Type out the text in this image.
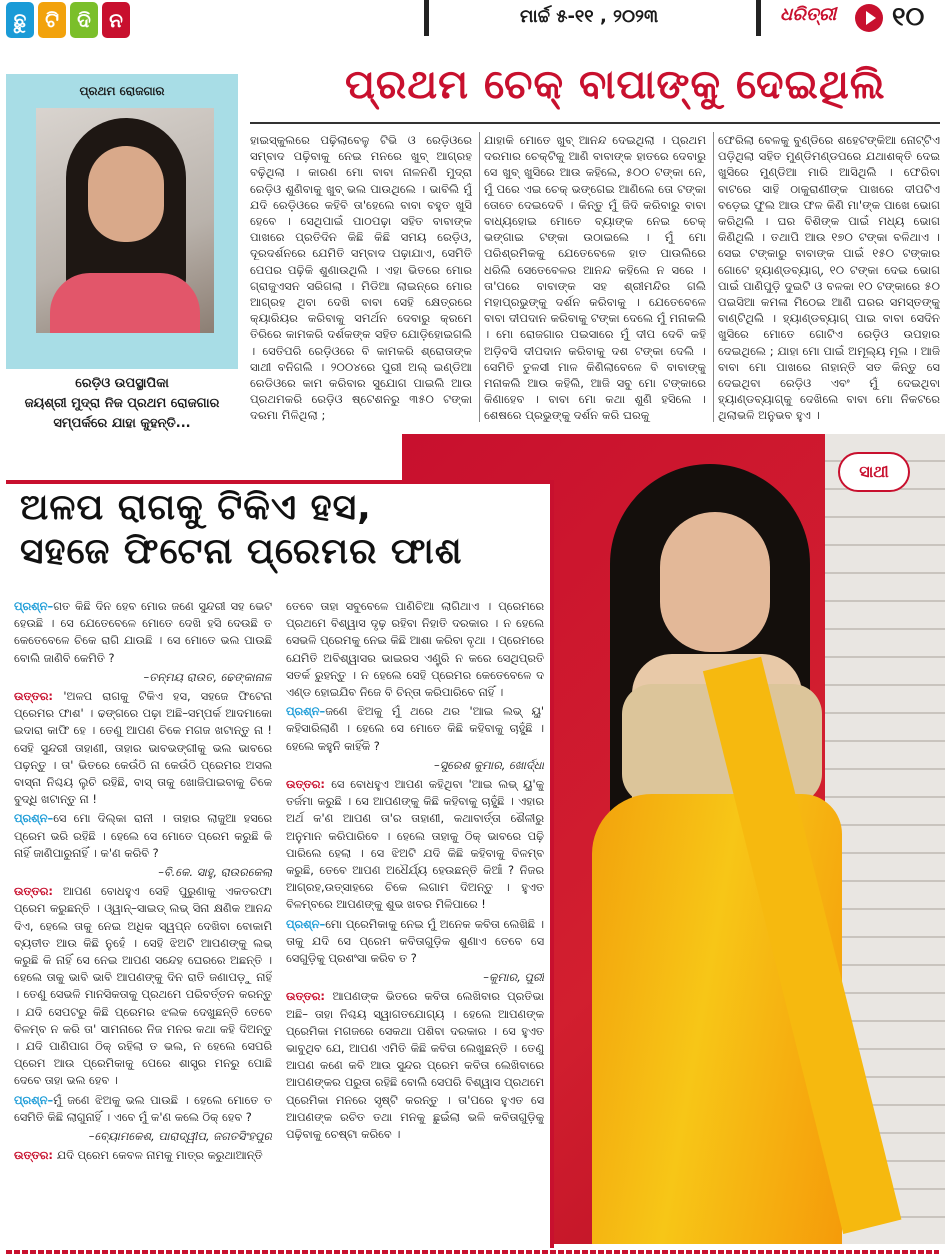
ଛୁ ଟି ଦି ନ	ମାର୍ଚ୍ଚ ୫-୧୧ , ୨୦୨୩	ଧରିତ୍ରୀ ୧୦
ପ୍ରଥମ ରୋଜଗାର
ରେଡ଼ିଓ ଉପସ୍ଥାପିକା
ଜୟଶ୍ରୀ ମୁଦ୍ରା ନିଜ ପ୍ରଥମ ରୋଜଗାର
ସମ୍ପର୍କରେ ଯାହା କୁହନ୍ତି...
ପ୍ରଥମ ଚେକ୍ ବାପାଙ୍କୁ ଦେଇଥିଲି
ହାଇସ୍କୁଲରେ ପଢ଼ିଲାବେଳୁ ଟିଭି ଓ ରେଡ଼ିଓରେ ସମ୍ବାଦ ପଢ଼ିବାକୁ ନେଇ ମନରେ ଖୁବ୍ ଆଗ୍ରହ ବଢ଼ିଥିଲା । କାରଣ ମୋ ବାବା ନାଳନଣି ମୁଦ୍ରା ରେଡ଼ିଓ ଶୁଣିବାକୁ ଖୁବ୍ ଭଲ ପାଉଥିଲେ । ଭାବିଲି ମୁଁ ଯଦି ରେଡ଼ିଓରେ କହିବି ତା'ହେଲେ ବାବା ବହୁତ ଖୁସି ହେବେ । ସେଥିପାଇଁ ପାଠପଢ଼ା ସହିତ ବାବାଙ୍କ ପାଖରେ ପ୍ରତିଦିନ କିଛି କିଛି ସମୟ ରେଡ଼ିଓ, ଦୂରଦର୍ଶନରେ ଯେମିତି ସମ୍ବାଦ ପଢ଼ାଯାଏ, ସେମିତି ପେପର ପଢ଼ିକି ଶୁଣାଉଥିଲି । ଏହା ଭିତରେ ମୋର ଗ୍ରାଜୁଏସନ ସରିଗଲା । ମିଡିଆ ଲାଇନ୍‌ରେ ମୋର ଆଗ୍ରହ ଥିବା ଦେଖି ବାବା ସେହି କ୍ଷେତ୍ରରେ କ୍ୟାରିୟର କରିବାକୁ ସମର୍ଥନ ଦେବାରୁ କ୍ରମେ ତିରିରେ କାମକରି ଦର୍ଶକଙ୍କ ସହିତ ଯୋଡ଼ିହୋଇଗଲି । ସେତିପରି ରେଡ଼ିଓରେ ବି କାମକରି ଶ୍ରୋତାଙ୍କ ସାଥୀ ବନିଗଲି । ୨୦୦୪ରେ ପୁରୀ ଅଲ୍ ଇଣ୍ଡିଆ ରେଡିଓରେ କାମ କରିବାର ସୁଯୋଗ ପାଇଲି ଆଉ ପ୍ରଥମକରି ରେଡ଼ିଓ ଷ୍ଟେଶନରୁ ୩୫୦ ଟଙ୍କା ଦରମା ମିଳିଥିଲା ;
ଯାହାକି ମୋତେ ଖୁବ୍ ଆନନ୍ଦ ଦେଇଥିଲା । ପ୍ରଥମ ଦରମାର ଚେକ୍‌ଟିକୁ ଆଣି ବାବାଙ୍କ ହାତରେ ଦେବାରୁ ସେ ଖୁବ୍ ଖୁସିରେ ଆଉ କହିଲେ, ୫୦୦ ଟଙ୍କା ନେ, ମୁଁ ପରେ ଏଇ ଚେକ୍ ଭଙ୍ଗେଇ ଆଣିଲେ ତୋ ଟଙ୍କା ତୋତେ ଦେଇଦେବି । କିନ୍ତୁ ମୁଁ ଜିଦି କରିବାରୁ ବାବା ବାଧ୍ୟହୋଇ ମୋତେ ବ୍ୟାଙ୍କ ନେଇ ଚେକ୍ ଭଙ୍ଗାଇ ଟଙ୍କା ଉଠାଇଲେ । ମୁଁ ମୋ ପରିଶ୍ରମିକକୁ ଯେତେବେଳେ ହାତ ପାଉଲିରେ ଧରିଲି ସେତେବେଳର ଆନନ୍ଦ କହିଲେ ନ ସରେ । ତା'ପରେ ବାବାଙ୍କ ସହ ଶ୍ରୀମନ୍ଦିର ଗଲି ମହାପ୍ରଭୁଙ୍କୁ ଦର୍ଶନ କରିବାକୁ । ଯେତେବେଳେ ବାବା ଦୀପଦାନ କରିବାକୁ ଟଙ୍କା ଦେଲେ ମୁଁ ମନାକଲି । ମୋ ରୋଜଗାର ପଇସାରେ ମୁଁ ଦୀପ ଦେବି କହି ଅଡ଼ିବସି ଦୀପଦାନ କରିବାକୁ ଦଶ ଟଙ୍କା ଦେଲି । ସେମିତି ତୁଳସୀ ମାଳ କିଣିଲାବେଳେ ବି ବାବାଙ୍କୁ ମନାକଲି ଆଉ କହିଲି, ଆଜି ସବୁ ମୋ ଟଙ୍କାରେ କିଣାହେବ । ବାବା ମୋ କଥା ଶୁଣି ହସିଲେ । ଶେଷରେ ପ୍ରଭୁଙ୍କୁ ଦର୍ଶନ କରି ଘରକୁ
ଫେରିଲା ବେଳକୁ ବୁଣ୍ଡିରେ ଶହେଟଙ୍କିଆ ନୋଟ୍‌ଟିଏ ପଡ଼ିଥିଲା ସହିତ ମୁଣ୍ଡିମଣ୍ଡପରେ ଯଥାଶକ୍ତି ଦେଇ ଖୁସିରେ ମୁଣ୍ଡିଆ ମାରି ଆସିଥିଲି । ଫେରିବା ବାଟରେ ସାହି ଠାକୁରାଣୀଙ୍କ ପାଖରେ ଦୀପଟିଏ ବଡ଼େଇ ଫୁଲ ଆଉ ଫଳ କିଣି ମା'ଙ୍କ ପାଖେ ଭୋଗ କରିଥିଲି । ଘର ବିଶିଙ୍କ ପାଇଁ ମଧ୍ୟ ଭୋଗ କିଣିଥିଲି । ତଥାପି ଆଉ ୧୭୦ ଟଙ୍କା ବଳିଥାଏ । ସେଇ ଟଙ୍କାରୁ ବାବାଙ୍କ ପାଇଁ ୧୫୦ ଟଙ୍କାର ଗୋଟେ ହ୍ୟାଣ୍ଡବ୍ୟାଗ୍, ୧୦ ଟଙ୍କା ଦେଇ ଭୋଗ ପାଇଁ ପାଣିପୁଡ଼ି ଦୁଇଟି ଓ ବଳକା ୧୦ ଟଙ୍କାରେ ୫୦ ପଇସିଆ କମଳା ମିଠେଇ ଆଣି ଘରର ସମସ୍ତଙ୍କୁ ବାଣ୍ଟିଥିଲି । ହ୍ୟାଣ୍ଡବ୍ୟାଗ୍ ପାଇ ବାବା ସେଦିନ ଖୁସିରେ ମୋତେ ଗୋଟିଏ ରେଡ଼ିଓ ଉପହାର ଦେଇଥିଲେ ; ଯାହା ମୋ ପାଇଁ ଅମୂଲ୍ୟ ମୂଲ । ଆଜି ବାବା ମୋ ପାଖରେ ନାହାନ୍ତି ସତ କିନ୍ତୁ ସେ ଦେଇଥିବା ରେଡ଼ିଓ ଏବଂ ମୁଁ ଦେଇଥିବା ହ୍ୟାଣ୍ଡବ୍ୟାଗ୍‌କୁ ଦେଖିଲେ ବାବା ମୋ ନିକଟରେ ଥିଲାଭଳି ଅନୁଭବ ହୁଏ ।
ସାଥୀ
ଅଳପ ରାଗକୁ ଟିକିଏ ହସ,
ସହଜେ ଫିଟେନା ପ୍ରେମର ଫାଶ

ପ୍ରଶ୍ନ–ଗତ କିଛି ଦିନ ହେବ ମୋର ଜଣେ ସୁନ୍ଦରୀ ସହ ଭେଟ ହେଉଛି । ସେ ଯେତେବେଳେ ମୋତେ ଦେଖି ହସି ଦେଉଛି ତ କେତେବେଳେ ଚିକେ ରାଗି ଯାଉଛି । ସେ ମୋତେ ଭଲ ପାଉଛି ବୋଲି ଜାଣିବି କେମିତି ?

–ତନ୍ମୟ ରାଉତ, ଢେଙ୍କାନାଳ

ଉତ୍ତର: 'ଅଳପ ରାଗକୁ ଟିକିଏ ହସ, ସହଜେ ଫିଟେନା ପ୍ରେମର ଫାଶ' । ଢଙ୍ଗରେ ପଢ଼ା ଅଛି–ସମ୍ପର୍କ ଆଦମାକୋ ଇଦାରା କାଫି ହେ । ତେଣୁ ଆପଣ ଚିକେ ମଗଜ ଖଟାନ୍ତୁ ନା ! ସେହି ସୁନ୍ଦରୀ ତାହାଣୀ, ତାହାର ଭାବଭଙ୍ଗୀକୁ ଭଲ ଭାବରେ ପଢ଼ନ୍ତୁ । ତା' ଭିତରେ କେଉଁଠି ନା କେଉଁଠି ପ୍ରେମର ଅସଲ ବାସ୍ନା ନିଶ୍ଚୟ ଲୁଚି ରହିଛି, ବାସ୍ ତାକୁ ଖୋଜିପାଇବାକୁ ଚିକେ ବୁଦ୍ଧି ଖଟାନ୍ତୁ ନା !

ପ୍ରଶ୍ନ–ସେ ମୋ ଦିଲ୍‌କା ରାନୀ । ତାହାର ଲାଜୁଆ ହସରେ ପ୍ରେମ ଭରି ରହିଛି । ହେଲେ ସେ ମୋତେ ପ୍ରେମ କରୁଛି କି ନାହିଁ ଜାଣିପାରୁନାହିଁ । କ'ଣ କରିବି ?

–ବି.କେ. ସାହୁ, ରାଉରକେଲା

ଉତ୍ତର: ଆପଣ ବୋଧହୁଏ ସେହି ପୁରୁଣାକୁ ଏକତରଫା ପ୍ରେମ କରୁଛନ୍ତି । ଓ୍ୱାନ୍–ସାଇଡ୍ ଲଭ୍ ସିନା କ୍ଷଣିକ ଆନନ୍ଦ ଦିଏ, ହେଲେ ତାକୁ ନେଇ ଅଧିକ ସ୍ୱପ୍ନ ଦେଖିବା ବୋକାମି ବ୍ୟତୀତ ଆଉ କିଛି ନୁହେଁ । ସେହି ଝିଅଟି ଆପଣଙ୍କୁ ଲଭ୍ କରୁଛି କି ନାହିଁ ସେ ନେଇ ଆପଣ ସନ୍ଦେହ ଘେରରେ ଅଛନ୍ତି । ହେଲେ ତାକୁ ଭାବି ଭାବି ଆପଣଙ୍କୁ ଦିନ ରାତି ଜଣାପଡ଼ୁ ନାହିଁ । ତେଣୁ ସେଭଳି ମାନସିକତାକୁ ପ୍ରଥମେ ପରିବର୍ତ୍ତନ କରନ୍ତୁ । ଯଦି ସେପଟରୁ କିଛି ପ୍ରେମର ଝଲକ ଦେଖୁଛନ୍ତି ତେବେ ବିଳମ୍ବ ନ କରି ତା' ସାମନାରେ ନିଜ ମନର କଥା କହି ଦିଅନ୍ତୁ । ଯଦି ପାଣିପାଗ ଠିକ୍ ରହିଲା ତ ଭଲ, ନ ହେଲେ ସେପରି ପ୍ରେମ ଆଉ ପ୍ରେମିକାକୁ ପେରେ ଶାସ୍ତ୍ର ମନରୁ ପୋଛି ଦେବେ ତାହା ଭଲ ହେବ ।

ପ୍ରଶ୍ନ–ମୁଁ ଜଣେ ଝିଅକୁ ଭଲ ପାଉଛି । ହେଲେ ମୋତେ ତ ସେମିତି କିଛି ଲାଗୁନାହିଁ । ଏବେ ମୁଁ କ'ଣ କଲେ ଠିକ୍ ହେବ ?

–ବ୍ୟୋମକେଶ, ପାରାଦ୍ୱୀପ, ଜଗତସିଂହପୁର

ଉତ୍ତର: ଯଦି ପ୍ରେମ କେବଳ ନାମକୁ ମାତ୍ର କରୁଥାଆନ୍ତି

ତେବେ ତାହା ସବୁବେଳେ ପାଣିଚିଆ ଲାଗିଥାଏ । ପ୍ରେମରେ ପ୍ରଥମେ ବିଶ୍ୱାସ ଦୃଢ଼ ରହିବା ନିହାତି ଦରକାର । ନ ହେଲେ ସେଭଳି ପ୍ରେମକୁ ନେଇ କିଛି ଆଶା କରିବା ବୃଥା । ପ୍ରେମରେ ଯେମିତି ଅବିଶ୍ୱାସର ଭାଇରସ ଏଣ୍ଟ୍ରି ନ କରେ ସେଥିପ୍ରତି ସତର୍କ ରୁହନ୍ତୁ । ନ ହେଲେ ସେହି ପ୍ରେମର କେତେବେଳେ ଦ ଏଣ୍ଡ ହୋଇଯିବ ନିଜେ ବି ଚିନ୍ତା କରିପାରିବେ ନାହିଁ ।

ପ୍ରଶ୍ନ–ଜଣେ ଝିଅକୁ ମୁଁ ଥରେ ଥର 'ଆଇ ଲଭ୍ ୟୁ' କହିସାରିଲାଣି । ହେଲେ ସେ ମୋତେ କିଛି କହିବାକୁ ଚାହୁଁଛି । ହେଲେ କହୁନି କାହିଁକି ?

–ସୁରେଶ କୁମାର, ଖୋର୍ଦ୍ଧା

ଉତ୍ତର: ସେ ବୋଧହୁଏ ଆପଣ କହିଥିବା 'ଆଇ ଲଭ୍ ୟୁ'କୁ ତର୍ଜମା କରୁଛି । ସେ ଆପଣଙ୍କୁ କିଛି କହିବାକୁ ଚାହୁଁଛି । ଏହାର ଅର୍ଥ କ'ଣ ଆପଣ ତା'ର ତାହାଣୀ, କଥାବାର୍ତ୍ତା ଶୈଳୀରୁ ଅନୁମାନ କରିପାରିବେ । ହେଲେ ତାହାକୁ ଠିକ୍ ଭାବରେ ପଢ଼ି ପାରିଲେ ହେଲା । ସେ ଝିଅଟି ଯଦି କିଛି କହିବାକୁ ବିଳମ୍ବ କରୁଛି, ତେବେ ଆପଣ ଅଧୈର୍ଯ୍ୟ ହେଉଛନ୍ତି କିଆଁ ? ନିଜର ଆଗ୍ରହ,ଉତ୍ସାହରେ ଚିକେ ଲଗାମ ଦିଅନ୍ତୁ । ହୁଏତ ବିଳମ୍ବରେ ଆପଣଙ୍କୁ ଶୁଭ ଖବର ମିଳିପାରେ !

ପ୍ରଶ୍ନ–ମୋ ପ୍ରେମିକାକୁ ନେଇ ମୁଁ ଅନେକ କବିତା ଲେଖିଛି । ତାକୁ ଯଦି ସେ ପ୍ରେମ କବିତାଗୁଡ଼ିକ ଶୁଣାଏ ତେବେ ସେ ସେଗୁଡ଼ିକୁ ପ୍ରଶଂସା କରିବ ତ ?

–କୁମାର, ପୁରୀ

ଉତ୍ତର: ଆପଣଙ୍କ ଭିତରେ କବିତା ଲେଖିବାର ପ୍ରତିଭା ଅଛି– ତାହା ନିଶ୍ଚୟ ସ୍ୱାଗତଯୋଗ୍ୟ । ହେଲେ ଆପଣଙ୍କ ପ୍ରେମିକା ମଗଜରେ ସେକଥା ପଶିବା ଦରକାର । ସେ ହୁଏତ ଭାବୁଥିବ ଯେ, ଆପଣ ଏମିତି କିଛି କବିତା ଲେଖୁଛନ୍ତି । ତେଣୁ ଆପଣ କଣେ କବି ଆଉ ସୁନ୍ଦର ପ୍ରେମ କବିତା ଲେଖିବାରେ ଆପଣଙ୍କର ପରୁତା ରହିଛି ବୋଲି ସେପରି ବିଶ୍ୱାସ ପ୍ରଥମେ ପ୍ରେମିକା ମନରେ ସୃଷ୍ଟି କରନ୍ତୁ । ତା'ପରେ ହୁଏତ ସେ ଆପଣଙ୍କ ରଚିତ ତଥା ମନକୁ ଛୁଇଁଲା ଭଳି କବିତାଗୁଡ଼ିକୁ ପଢ଼ିବାକୁ ଚେଷ୍ଟା କରିବେ ।
